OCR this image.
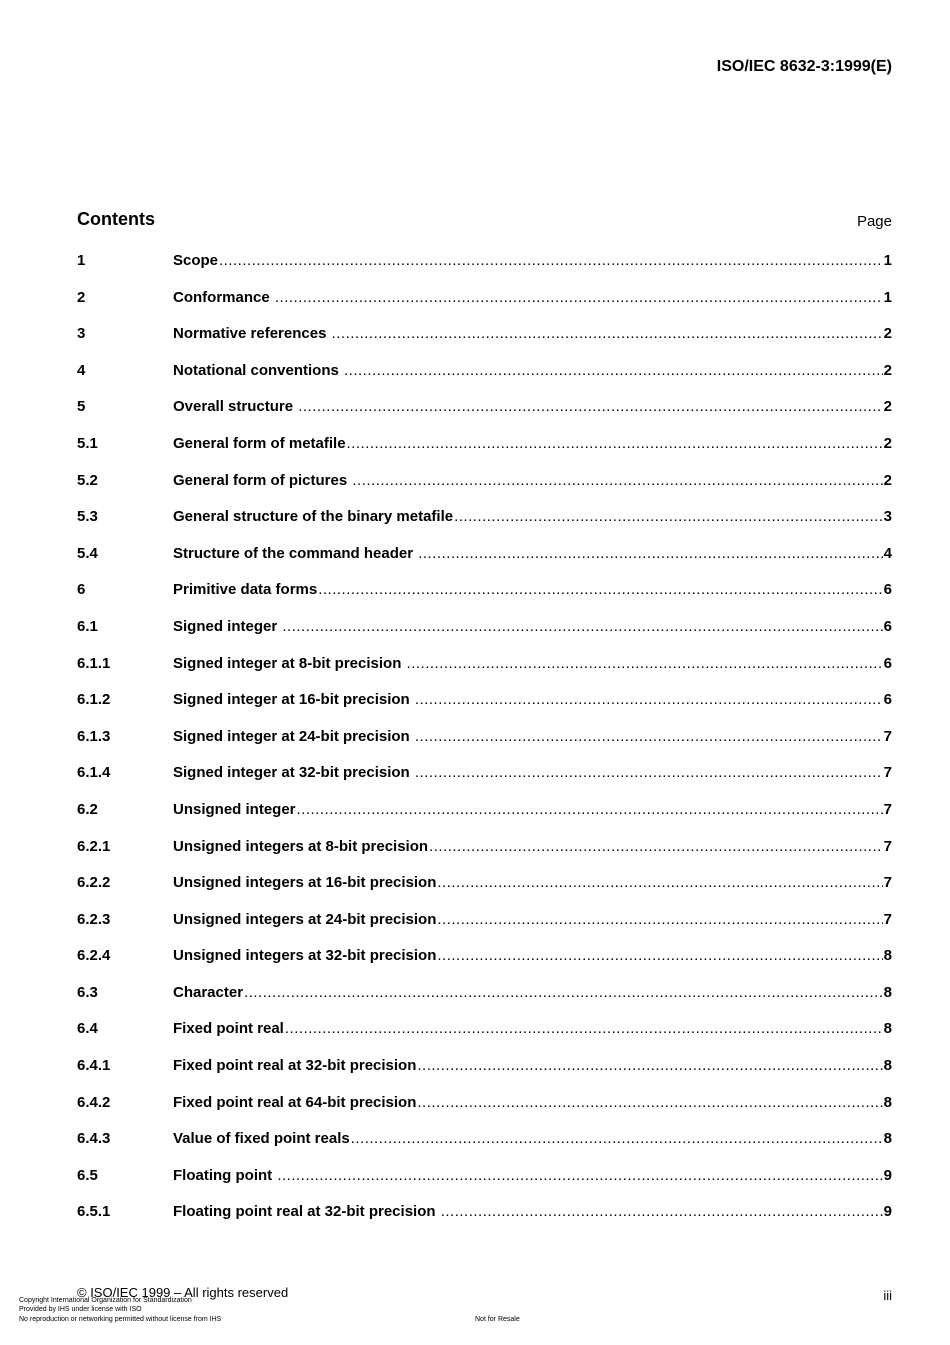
ISO/IEC 8632-3:1999(E)
Contents	Page
1	Scope .....	1
2	Conformance .....	1
3	Normative references .....	2
4	Notational conventions .....	2
5	Overall structure .....	2
5.1	General form of metafile .....	2
5.2	General form of pictures .....	2
5.3	General structure of the binary metafile .....	3
5.4	Structure of the command header .....	4
6	Primitive data forms .....	6
6.1	Signed integer .....	6
6.1.1	Signed integer at 8-bit precision .....	6
6.1.2	Signed integer at 16-bit precision .....	6
6.1.3	Signed integer at 24-bit precision .....	7
6.1.4	Signed integer at 32-bit precision .....	7
6.2	Unsigned integer .....	7
6.2.1	Unsigned integers at 8-bit precision .....	7
6.2.2	Unsigned integers at 16-bit precision .....	7
6.2.3	Unsigned integers at 24-bit precision .....	7
6.2.4	Unsigned integers at 32-bit precision .....	8
6.3	Character .....	8
6.4	Fixed point real .....	8
6.4.1	Fixed point real at 32-bit precision .....	8
6.4.2	Fixed point real at 64-bit precision .....	8
6.4.3	Value of fixed point reals .....	8
6.5	Floating point .....	9
6.5.1	Floating point real at 32-bit precision .....	9
© ISO/IEC 1999 – All rights reserved	iii
Copyright International Organization for Standardization
Provided by IHS under license with ISO
No reproduction or networking permitted without license from IHS	Not for Resale
